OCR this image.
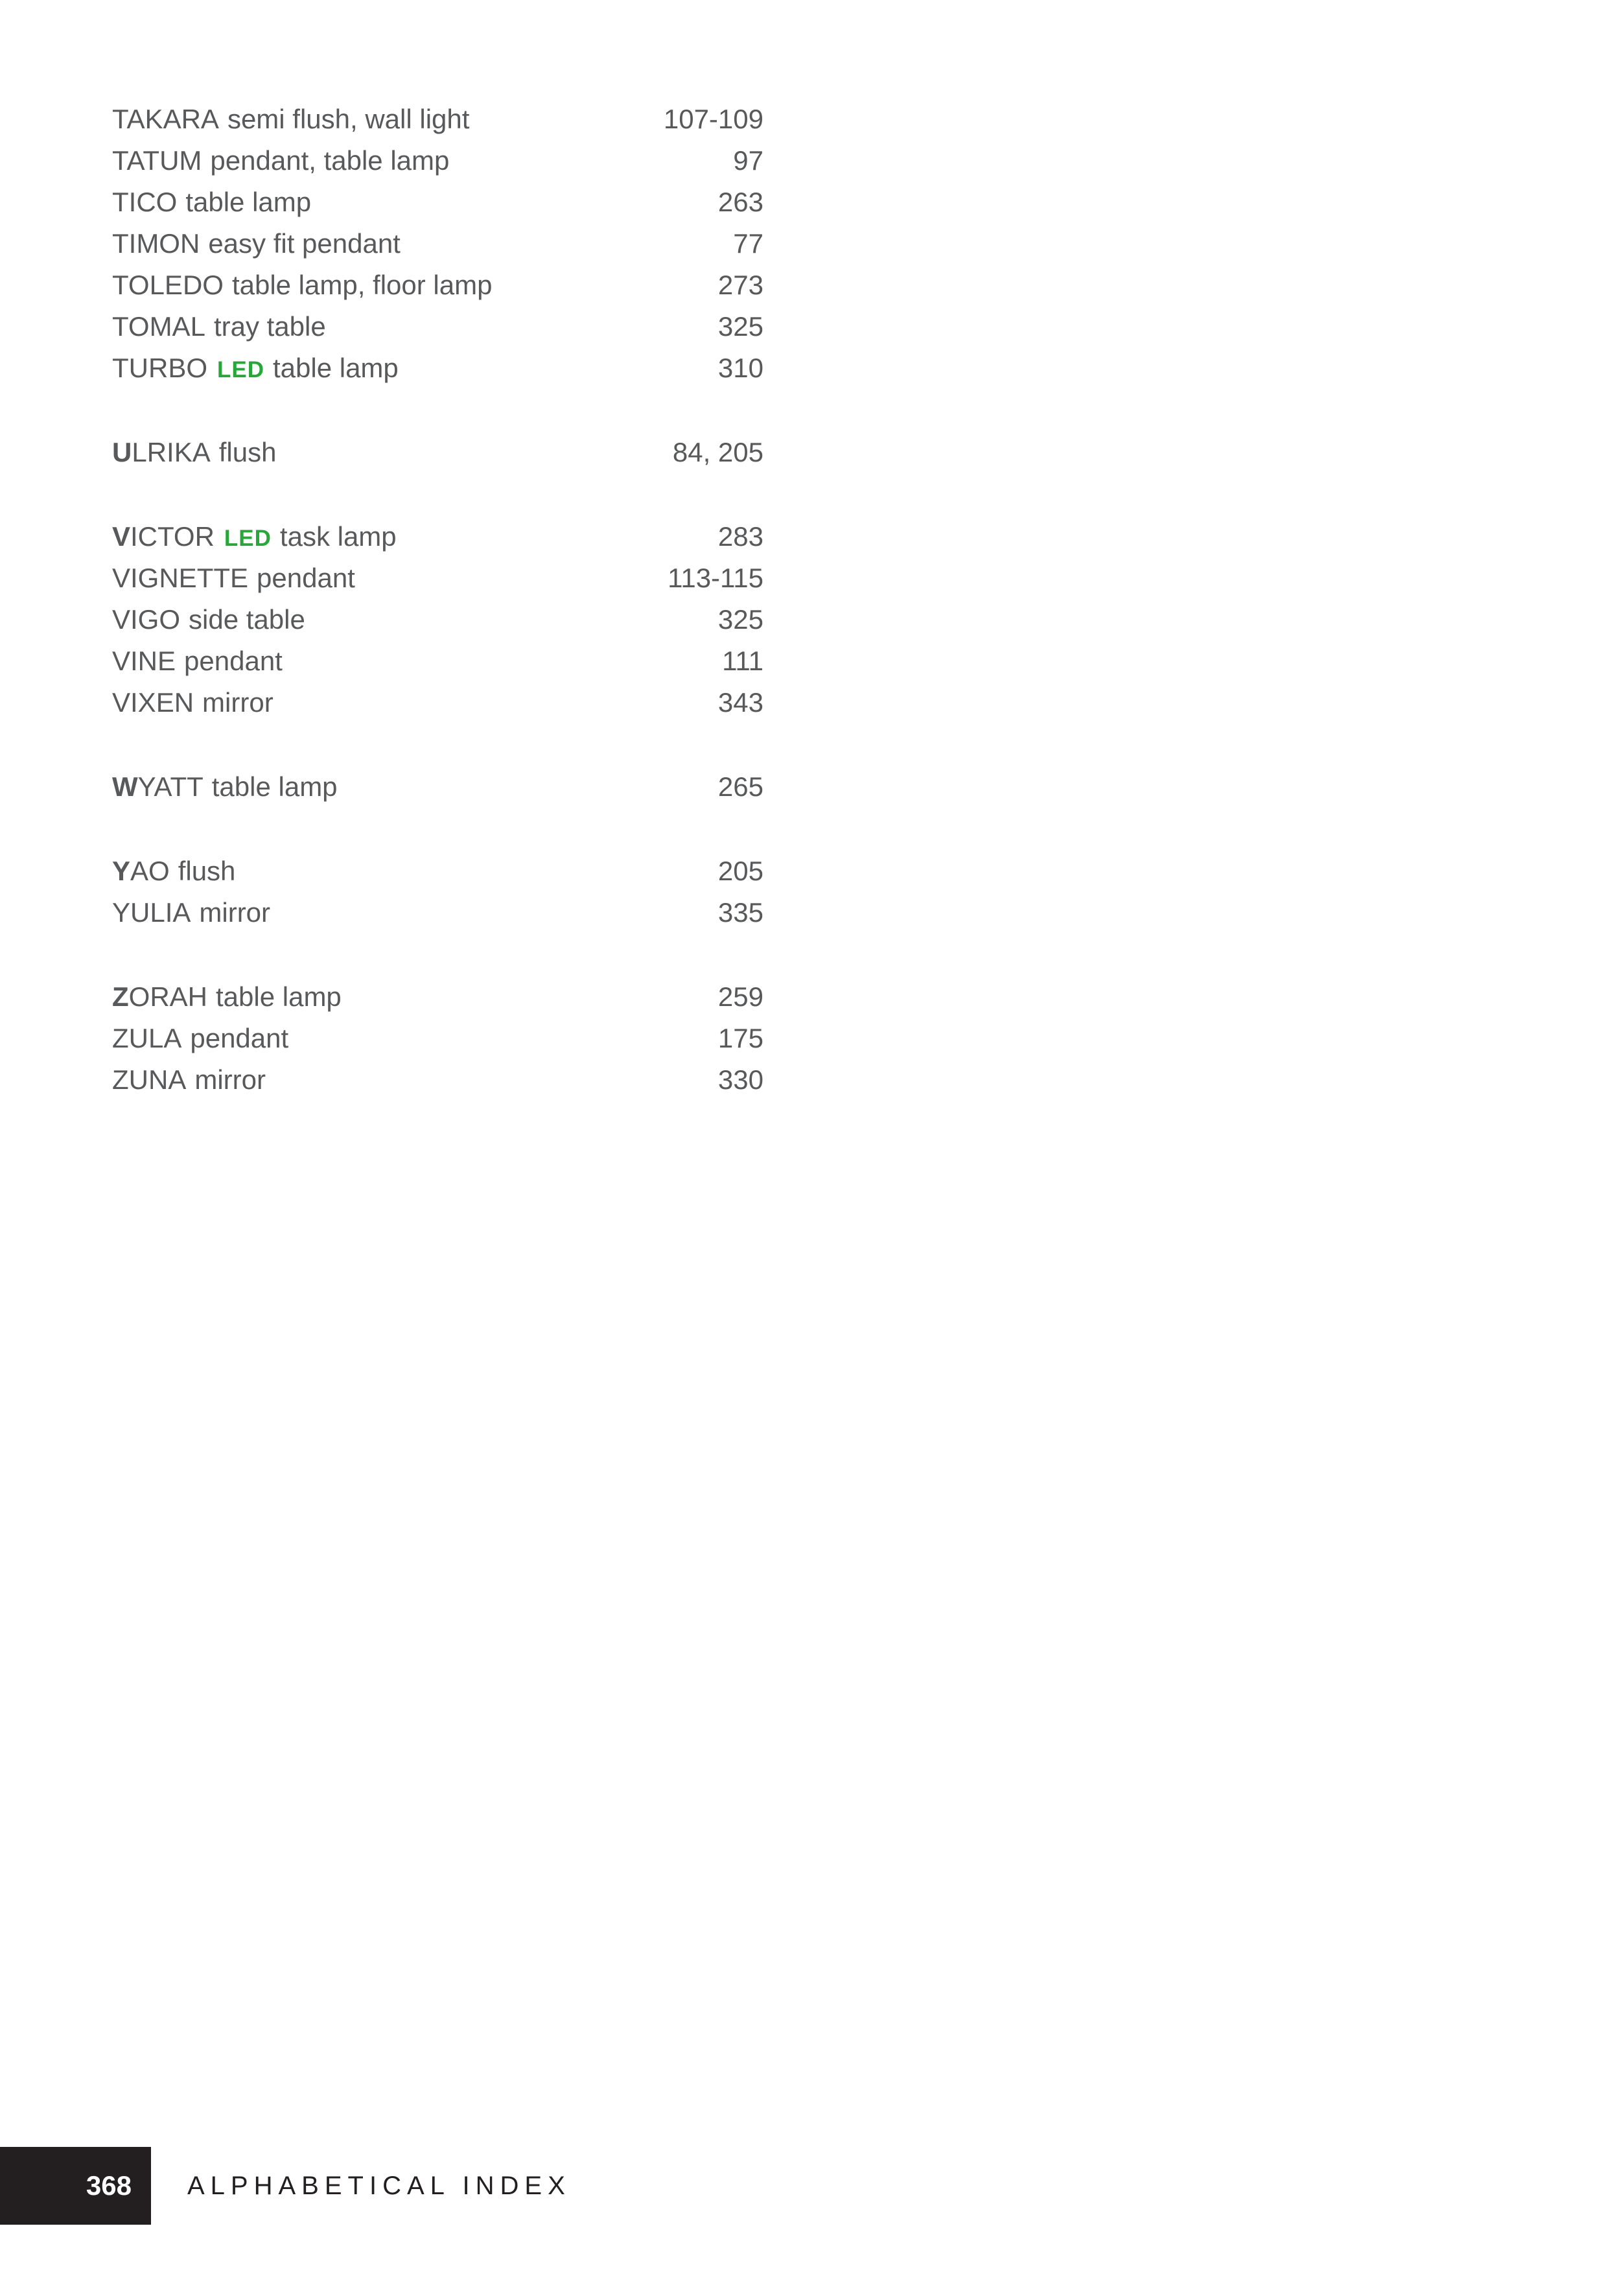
TAKARA semi flush, wall light	107-109
TATUM pendant, table lamp	97
TICO table lamp	263
TIMON easy fit pendant	77
TOLEDO table lamp, floor lamp	273
TOMAL tray table	325
TURBO LED table lamp	310
U LRIKA flush	84, 205
V ICTOR LED task lamp	283
VIGNETTE pendant	113-115
VIGO side table	325
VINE pendant	111
VIXEN mirror	343
W YATT table lamp	265
Y AO flush	205
YULIA mirror	335
Z ORAH table lamp	259
ZULA pendant	175
ZUNA mirror	330
368	ALPHABETICAL INDEX
